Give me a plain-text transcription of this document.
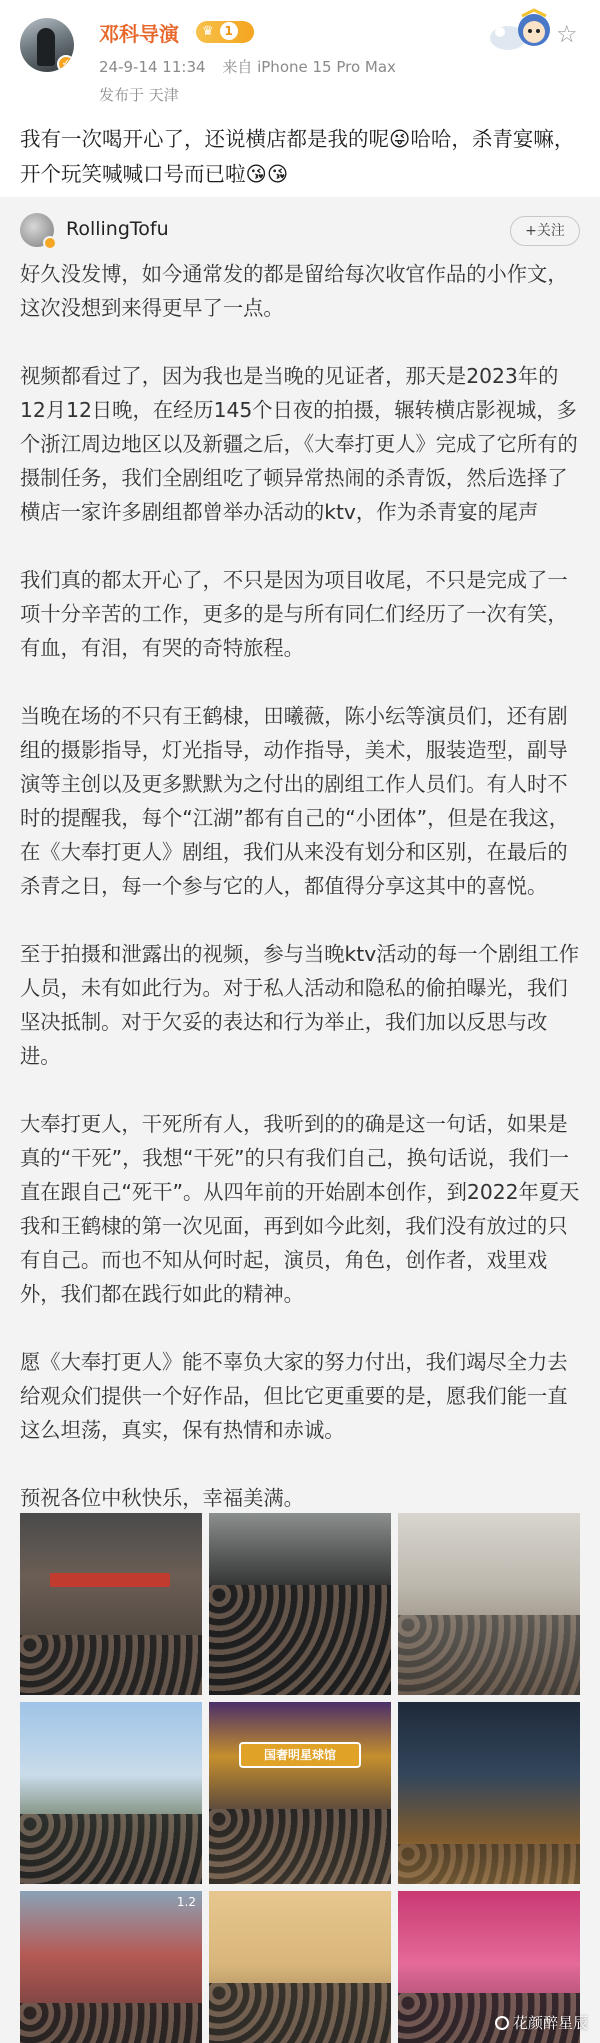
✓
邓科导演	♛ 1
24-9-14 11:34 来自 iPhone 15 Pro Max
发布于 天津
☆
我有一次喝开心了，还说横店都是我的呢😜哈哈，杀青宴嘛，开个玩笑喊喊口号而已啦😘😘
RollingTofu	+关注

好久没发博，如今通常发的都是留给每次收官作品的小作文，这次没想到来得更早了一点。

视频都看过了，因为我也是当晚的见证者，那天是2023年的12月12日晚，在经历145个日夜的拍摄，辗转横店影视城，多个浙江周边地区以及新疆之后，《大奉打更人》完成了它所有的摄制任务，我们全剧组吃了顿异常热闹的杀青饭，然后选择了横店一家许多剧组都曾举办活动的ktv，作为杀青宴的尾声

我们真的都太开心了，不只是因为项目收尾，不只是完成了一项十分辛苦的工作，更多的是与所有同仁们经历了一次有笑，有血，有泪，有哭的奇特旅程。

当晚在场的不只有王鹤棣，田曦薇，陈小纭等演员们，还有剧组的摄影指导，灯光指导，动作指导，美术，服装造型，副导演等主创以及更多默默为之付出的剧组工作人员们。有人时不时的提醒我，每个“江湖”都有自己的“小团体”，但是在我这，在《大奉打更人》剧组，我们从来没有划分和区别，在最后的杀青之日，每一个参与它的人，都值得分享这其中的喜悦。

至于拍摄和泄露出的视频，参与当晚ktv活动的每一个剧组工作人员，未有如此行为。对于私人活动和隐私的偷拍曝光，我们坚决抵制。对于欠妥的表达和行为举止，我们加以反思与改进。

大奉打更人，干死所有人，我听到的的确是这一句话，如果是真的“干死”，我想“干死”的只有我们自己，换句话说，我们一直在跟自己“死干”。从四年前的开始剧本创作，到2022年夏天我和王鹤棣的第一次见面，再到如今此刻，我们没有放过的只有自己。而也不知从何时起，演员，角色，创作者，戏里戏外，我们都在践行如此的精神。

愿《大奉打更人》能不辜负大家的努力付出，我们竭尽全力去给观众们提供一个好作品，但比它更重要的是，愿我们能一直这么坦荡，真实，保有热情和赤诚。

预祝各位中秋快乐，幸福美满。

国奢明星球馆
1.2
花颜醉星辰
